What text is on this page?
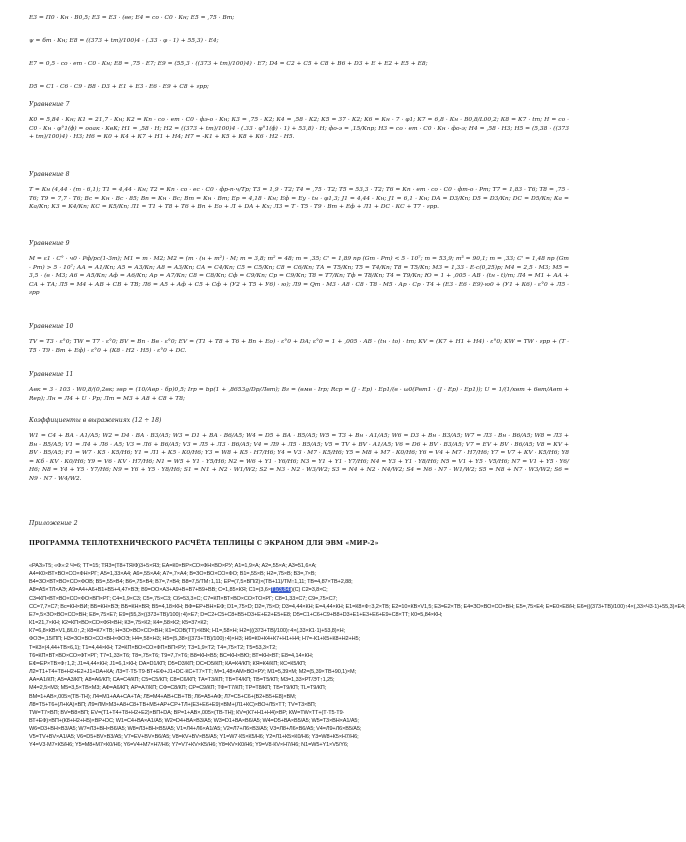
Е3 = П0 · Кн · В0,5; Е3 = Е3 · (ве; Е4 = со · С0 · Кн; Е5 = ,75 · Вт;
ψ = бт · Кн; Е8 = ((373 + tт)/100)4 · (.33 · φ · 1) + 55,3) · Е4;
Е7 = 0,5 · со · ет · С0 · Кн; Е8 = ,75 · Е7; Е9 = (55,3 · ((373 + tт)/100)4) · Е7; D4 = С2 + С5 + С8 + В6 + D3 + Е + Е2 + Е5 + Е8;
D5 = С1 · С6 · С9 · В8 · D3 + Е1 + Е3 · Е6 · Е9 + С8 + грр;
Уравнение 7
К0 = 5,84 · Кн; К1 = 21,7 · Кн; К2 = Кп · со · ет · С0 · фэ-о · Кн; К3 = ,75 · К2; К4 = ,58 · К2; К5 = 37 · К2; К6 = Кн · 7 · φ1; К7 = 6,8 · Кн · В0,8/L00,2; К8 = К7 · tт; Н = со · С0 · Кн · φ°1(ϕ) = ооак · КвК; Н1 = ,58 · Н; Н2 = ((373 + tт)/100)4 · (.33 · φ°1(ϕ) · 1) + 53,8) · Н; фо-э = ,15/Кпр; Н3 = со · ет · С0 · Кн · фо-э; Н4 = ,58 · Н3; Н5 = (5,38 · ((373 + tт)/100)4) · Н3; Н6 = К0 + К4 + К7 + Н1 + Н4; Н7 = -К1 + К5 + К8 + К6 · Н2 · Н5.
Уравнение 8
Т = Кн (4,44 · (т · 6,1); Т1 = 4,44 · Кн; Т2 = Кп · со · ес · С0 · фр-п·ч/Тр; Т3 = 1,9 · Т2; Т4 = ,75 · Т2; Т5 = 53,3 · Т2; Т6 = Кп · ет · со · С0 · фт-о · Рт; Т7 = 1,83 · Т6; Т8 = ,75 · Т6; Т9 = 7,7 · Т6; Вс = Кн · Вс · 85; Вп = Кн · Вс; Вт = Кн · Вт; Ер = 4,18 · Кн; Еф = Еу · tн · φ1,3; J1 = 4,44 · Кн; J1 = 6,1 · Кн; DA = D3/Кп; D5 = D3/Кп; DC = D5/Кп; Ка = Ка/Кп; К3 = К4/Кп; КС = К5/Кп; Л1 = Т1 + Т8 + Т6 + Вп + Ео + Л + DA + Кх; Л3 = Т · Т5 · Т9 · Вт + Еф + Л1 + DC · КС + Т7 · грр.
Уравнение 9
М = ε1 · С° · ч0 · Рф/рс(1-3m); М1 = m · М2; М2 = (m · (н + m²) · М; m = 3,8; m² = 48; m = ,35; С' = 1,89 пр (Gт · Рт) < 5 · 10⁷; m = 53,9; m³ = 90,1; m = ,33; С' = 1,48 пр (Gт · Рт) > 5 · 10⁷; АА = А1/Кп; А5 = А3/Кп; А8 = А3/Кп; СА = С4/Кп; С5 = С5/Кп; С8 = С6/Кп; ТА = Т5/Кп; Т5 = Т4/Кп; Т8 = Т5/Кп; М3 = 1,33 · Е·с(0,25)р; М4 = 2,5 · М3; М5 = 3,5 · (в · М3; А6 = А5/Кп; Аф = А6/Кп; Ар = А7/Кп; С8 = С8/Кп; Сф = С9/Кп; Ср = С9/Кп; Т8 = Т7/Кп; Тф = Т8/Кп; Т4 = Т9/Кп; Ю = 1 + ,005 · АВ · (tн - t)/т; Л4 = М1 + АА + СА + ТА; Л5 = М4 + АВ + СВ + ТВ; Л6 = А5 + Аф + С5 + Сф + (У2 + Т5 + У6) · ю); Л9 = Qт · М3 · А8 · С8 · Т8 · М5 · Ар · Ср · Т4 + (Е3 · Е6 · Е9)·ю0 + (У1 + К6) · ε°0 + Л5 · грр
Уравнение 10
ТV = Т3 · ε°0; ТW = Т7 · ε°0; ВV = Вп · Вв · ε°0; ЕV = (Т1 + Т8 + Т6 + Вп + Ео) · ε°0 + DA; ε°0 = 1 + ,005 · АВ · (tн · tо) · tт; КV = (К7 + Н1 + Н4) · ε°0; КW = ТW · грр + (Т · Т5 · Т9 · Вт + Еф) · ε°0 + (К8 · Н2 · Н5) · ε°0 + DC.
Уравнение 11
Авк = 3 · 103 · W0,8/(0,2вк; гвр = (10/Авр · бр)0,5; Irp = bp(1 + ,8653g/Dp/Лвт); Вг = (вмв · Irp; Rcp = (J · Ep) · Ep1/(в · ω0(Рвт1 · (J · Ep) · Ep1)); U = 1/(1/квт + 6вт/Авт + Rep); Лн = Л4 + U · Рр; Лт = М3 + А8 + С8 + Т8;
Коэффициенты в выражениях (12 ÷ 18)
W1 = С4 + ВА · А1/А5; W2 = D4 · ВА · В3/А5; W3 = D1 + ВА · В6/А5; W4 = D5 + ВА · В5/А5; W5 = Т3 + Вн · А1/А5; W6 = D3 + Вн · В3/А5; W7 = Л3 · Вн · В6/А5; W8 = Л3 + Вн · В5/А5; V1 = Л4 + Л6 · А5; V3 = Л6 + В6/А5; V3 = Л5 + Л3 · В6/А5; V4 = Л9 + Л5 · В5/А5; V5 = ТV + ВV · А1/А5; V6 = D6 + ВV · В3/А5; V7 = ЕV + ВV · В6/А5; V8 = КV + ВV · В5/А5; F1 = W7 · К5 · К5/Н6; Y1 = Л1 + К5 · К0/Н6; Y3 = W8 + К5 · Н7/Н6; Y4 = V3 · М7 · К5/Н6; Y5 = М8 + М7 · К0/Н6; Y6 = V4 + М7 · Н7/Н6; Y7 = V7 + КV · К5/Н6; Y8 = Кб · КV · К0/Н6; Y9 = V6 · КV · Н7/Н6; N1 = W5 + Y1 · Y5/Н6; N2 = W6 + Y1 · Y6/Н6; N3 = Y1 + Y1 · Y7/Н6; N4 = Y3 + Y1 · Y8/Н6; N5 = V1 + Y5 · V5/Н6; N7 = V1 + Y5 · Y6/Н6; N8 = Y4 + Y5 · Y7/Н6; N9 = Y6 + Y5 · Y8/Н6; S1 = N1 + N2 · W1/W2; S2 = N3 · N2 · W3/W2; S3 = N4 + N2 · N4/W2; S4 = N6 · N7 · W1/W2; S5 = N8 + N7 · W3/W2; S6 = N9 · N7 · W4/W2.
Приложение 2
ПРОГРАММА ТЕПЛОТЕХНИЧЕСКОГО РАСЧЁТА ТЕПЛИЦЫ С ЭКРАНОМ ДЛЯ ЭВМ «МИР-2»
«РАЗ»Т5; «Ф»:2 Ч=6; ТТ=15; ТЯ3=(Т8+ТЯ/Ф)3+5×Я3; ЕА=К0×ВР×СО×ФН×ВО×РУ; А1=1,9×А; А2=,55×А; А3=51,6×А;
А4=К0×ВТ×ВО×СО×ФН×РГ; А5=1,33×А4; А6=,55×А4; А7=,7×А4; В=ЗО×ВО×СО×ФО; В1=,55×В; Н2=,75×В; В3=,7×В;
В4=ЗО×ВТ×ВО×СО×ФОВ; В5=,55×В4; В6=,75×В4; В7=,7×В4; В8=7,5/ТМ↑1,11; ЕР=(7,5×ВП/2)×(ТВ+11)/ТМ↑1,11; ТВ=4,87×ТВ+2,88;
А8=А5×ТЛ×АЭ; А9=А4+А6+В1+В5+4,47×ВЭ; В9=ОО×А3+А9+В+В7+В9+ВВ; С=1,85×КЯ; С1=(3,6×Т1(3,84))(С) С2=3,8×С;
С3=КП×ВТ×ВО×СО×ФО×ВП×РГ; С4=1,9×С3; С5=,75×С3; С6=53,3×С; С7=КП×ВТ×ВО×СО×ТО×РГ; С8=1,33×С7; С9=,75×С7;
СС=7,7×С7; Вс=КН×ВИ; ВБ=КН×ВЭ; ВБ=КН×ВЯ; В5=4,18×КН; ВФ=ЕР+ВН×ЕФ; D1=,75×D; D2=,75×D; D3=4,44×КН; Е=4,44×КН; Е1=К8×Ф↑3,2×ТВ; Е2=10×КВ×V1,5; Е3=Е2×ТВ; Е4=ЗО×ВО×СО×ВН; Е5=,75×Е4; Е=Е0×Е8/Н; Е6=(((373+ТВ)/100)↑4×(,33×Ч3·1)+55,3)×Е4;
Е7=,5×ЗО×ВО×СО×ВН; Е8=,75×Е7; Е9=(55,3×((373+ТВ)/100)↑4)×Е7; D=С2+С5+С8+В5+D3+Е+Е2+Е5+Е8; D5=С1+С6+С9+В8+D3+Е1+Е3+Е6+Е9+С8×ТТ; К0=5,84×КН;
К1=21,7×КН; К2=КП×ВО×СО×ФЯ×ВН; К3=,75×К2; К4=,58×К2; К5=37×К2;
К7=6,8×КВ×V1,8/L0↑,2; К8=К7×ТВ; Н=ЗО×ВО×СО×ВН; К1=СОВ(ТТ)×КВК; Н1=,58×Н; Н2=(((373+ТВ)/100)↑4×(,33×К1·1)+53,8)×Н;
ФОЭ=,15/ПП; Н3=ЗО×ВО×СО×ВН×ФОЭ; Н4=,58×Н3; Н5=(5,38×((373+ТВ)/100)↑4)×Н3; Н6=К0+К4+К7+Н1+Н4; Н7=-К1+К5+К8+Н2+Н5;
Т=К3×(4,44+ТВ×6,1); Т1=4,44×КН; Т2=КП×ВО×СО×ФП×ВП×РУ; Т3=1,9×Т2; Т4=,75×Т2; Т5=53,3×Т2;
Т6=КП×ВТ×ВО×СО×ФТ×РГ; Т7=1,33×Т6; Т8=,75×Т6; Т9=7,7×Т6; В8=КН×В5; ВС=КН×ВЮ; ВТ=КН×ВТ; Е8=4,14×КН;
ЕФ=ЕР×ТВ×Ф↑1,2; J1=4,44×КН; J1=6,1×КН; DA=D1/КП; D5=D3/КП; DC=D5/КП; КА=К4/КП; КЯ=К4/КП; КС=К5/КП;
Л2=Т1+Т4+Т8+Н2+Е2+J1+DA+КА; Л3=Т·Т5·Т9·ВТ+ЕФ+J1+DC·КС+Т7×ТТ; М=1,48×АМ×ВО×РУ; М1=5,39×М; М2=(5,39×ТВ+90,1)×М;
АА=А1/КП; А5=А3/КП; А8=А6/КП; СА=С4/КП; С5=С5/КП; С8=С6/КП; ТА=Т3/КП; ТБ=Т4/КП; ТВ=Т5/КП; М3=1,33×РТ/ЭТ↑1,25;
М4=2,5×М3; М5=3,5×ТВ×М3; АФ=А6/КП; АР=А7/КП; СФ=С8/КП; СР=С9/КП; ТФ=Т7/КП; ТР=Т8/КП; ТБ=Т9/КП; ТL=Т9/КП;
ВМ=1+АВ×,005×(ТВ-ТН); Л4=М1+АА+СА+ТА; Л5=М4+АВ+СВ+ТВ; Л6=А5+АФ; Л7=С5+С6+(В2+В5+Е8)×ВМ;
Л8=Т5+Т6+(Л+КА)×ВП; Л9=ЛМ×М3+А8+С8+ТВ+М5+АР+СР+ТЛ+(Е3+Е6+Е9)×ВМ+(Л1+КС)×ВО+Л5×ТТ; ТV=Т3×ВП;
ТW=Т7×ВП; ВV=В8×ВП; ЕV=(Т1+Т4+Т8+Н2+Е2)×ВП+DA; ВР=1+АВ×,005×(ТВ-ТН); КV=(К7+Н1+Н4)×ВР; КW=ТW×ТТ+(Т·Т5·Т9·
ВТ+ЕФ)×ВП+(К8+Н2+Н5)×ВР+DC; W1=С4+ВА×А1/А5; W2=D4+ВА×В3/А5; W3=D1+ВА×В6/А5; W4=D5+ВА×В5/А5; W5=Т3×ВН×А1/А5;
W6=D3+ВН×В3/А5; W7=Л3+ВН×В6/А5; W8=Л3+ВН×В5/А5; V1=Л4+Л6×А1/А5; V2=Л7+Л6×В3/А5; V3=Л8+Л6×В6/А5; V4=Л9+Л6×В5/А5;
V5=ТV+ВV×А1/А5; V6=D5+ВV×В3/А5; V7=ЕV+ВV×В6/А5; V8=КV+ВV×В5/А5; Y1=W7·К5×К5/Н6; Y2=Л1+К5×К0/Н6; Y3=W8+К5×Н7/Н6;
Y4=V3·М7×К5/Н6; Y5=М8+М7×К0/Н6; Y6=V4+М7×Н7/Н6; Y7=V7+КV×К5/Н6; Y8=КV×К0/Н6; Y9=V8·КV×Н7/Н6; N1=W5+Y1×V5/Y6;
